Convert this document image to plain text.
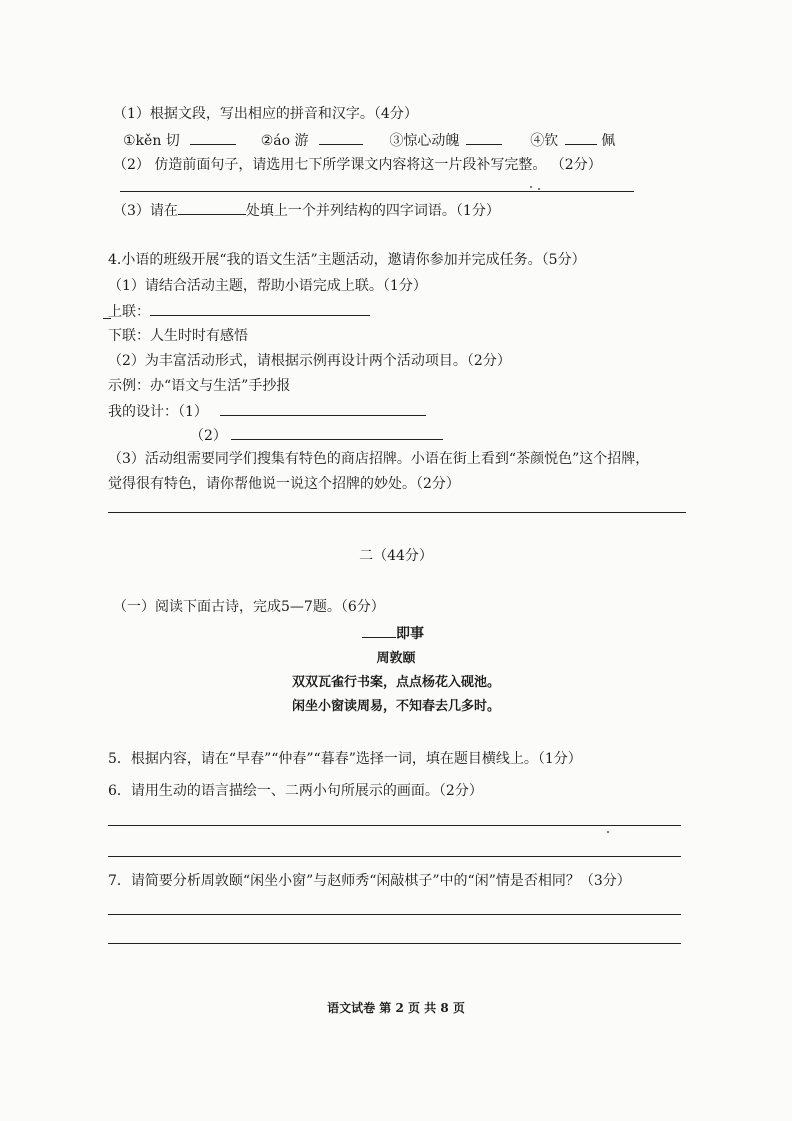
（1）根据文段，写出相应的拼音和汉字。（4分）
①kěn 切	②áo 游	③惊心动魄	④钦	佩
（2） 仿造前面句子，请选用七下所学课文内容将这一片段补写完整。 （2分）
（3）请在	处填上一个并列结构的四字词语。（1分）
4.小语的班级开展“我的语文生活”主题活动，邀请你参加并完成任务。（5分）
（1）请结合活动主题，帮助小语完成上联。（1分）
上联：
下联：人生时时有感悟
（2）为丰富活动形式，请根据示例再设计两个活动项目。（2分）
示例：办“语文与生活”手抄报
我的设计：（1）
（2）
（3）活动组需要同学们搜集有特色的商店招牌。小语在街上看到“茶颜悦色”这个招牌，
觉得很有特色，请你帮他说一说这个招牌的妙处。（2分）
二（44分）
（一）阅读下面古诗，完成5—7题。（6分）
即事
周敦颐
双双瓦雀行书案，点点杨花入砚池。
闲坐小窗读周易，不知春去几多时。
5．根据内容，请在“早春”“仲春”“暮春”选择一词，填在题目横线上。（1分）
6．请用生动的语言描绘一、二两小句所展示的画面。（2分）
7．请简要分析周敦颐“闲坐小窗”与赵师秀“闲敲棋子”中的“闲”情是否相同？（3分）
语文试卷 第 2 页 共 8 页
